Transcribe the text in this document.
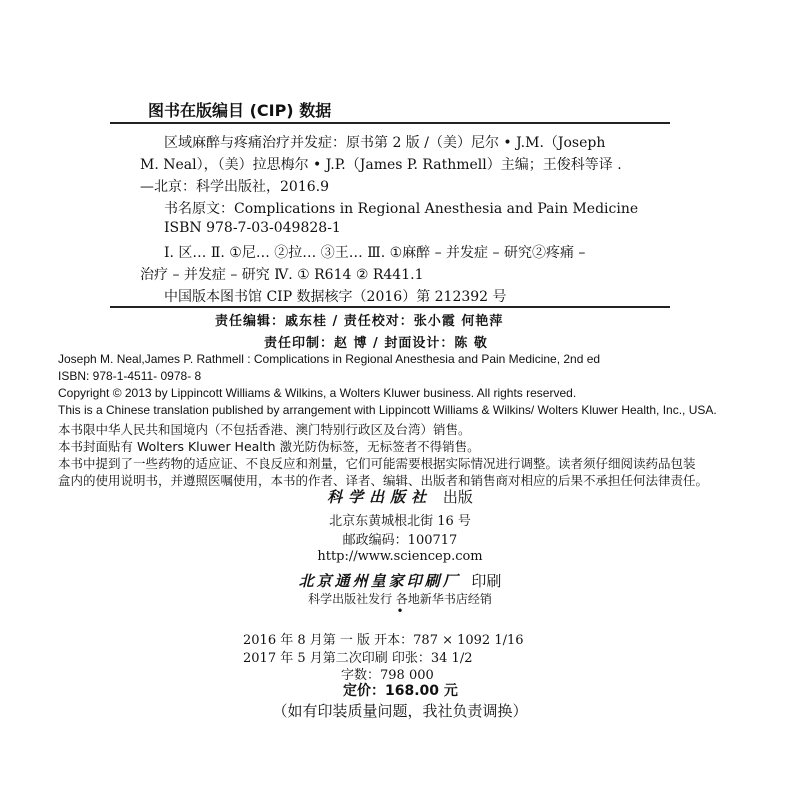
图书在版编目 (CIP) 数据
区域麻醉与疼痛治疗并发症：原书第 2 版 /（美）尼尔 • J.M.（Joseph
M. Neal），（美）拉思梅尔 • J.P.（James P. Rathmell）主编；王俊科等译 .
—北京：科学出版社，2016.9
书名原文：Complications in Regional Anesthesia and Pain Medicine
ISBN 978-7-03-049828-1
Ⅰ. 区… Ⅱ. ①尼… ②拉… ③王… Ⅲ. ①麻醉 – 并发症 – 研究②疼痛 –
治疗 – 并发症 – 研究 Ⅳ. ① R614 ② R441.1
中国版本图书馆 CIP 数据核字（2016）第 212392 号
责任编辑：戚东桂 / 责任校对：张小霞 何艳萍
责任印制：赵 博 / 封面设计：陈 敬
Joseph M. Neal,James P. Rathmell : Complications in Regional Anesthesia and Pain Medicine, 2nd ed
ISBN: 978-1-4511- 0978- 8
Copyright © 2013 by Lippincott Williams & Wilkins, a Wolters Kluwer business. All rights reserved.
This is a Chinese translation published by arrangement with Lippincott Williams & Wilkins/ Wolters Kluwer Health, Inc., USA.
本书限中华人民共和国境内（不包括香港、澳门特别行政区及台湾）销售。
本书封面贴有 Wolters Kluwer Health 激光防伪标签，无标签者不得销售。
本书中提到了一些药物的适应证、不良反应和剂量，它们可能需要根据实际情况进行调整。读者须仔细阅读药品包装
盒内的使用说明书，并遵照医嘱使用，本书的作者、译者、编辑、出版者和销售商对相应的后果不承担任何法律责任。
科学出版社 出版
北京东黄城根北街 16 号
邮政编码：100717
http://www.sciencep.com
北京通州皇家印刷厂 印刷
科学出版社发行 各地新华书店经销
•
2016 年 8 月第 一 版 开本：787 × 1092 1/16
2017 年 5 月第二次印刷 印张：34 1/2
字数：798 000
定价：168.00 元
（如有印装质量问题，我社负责调换）
